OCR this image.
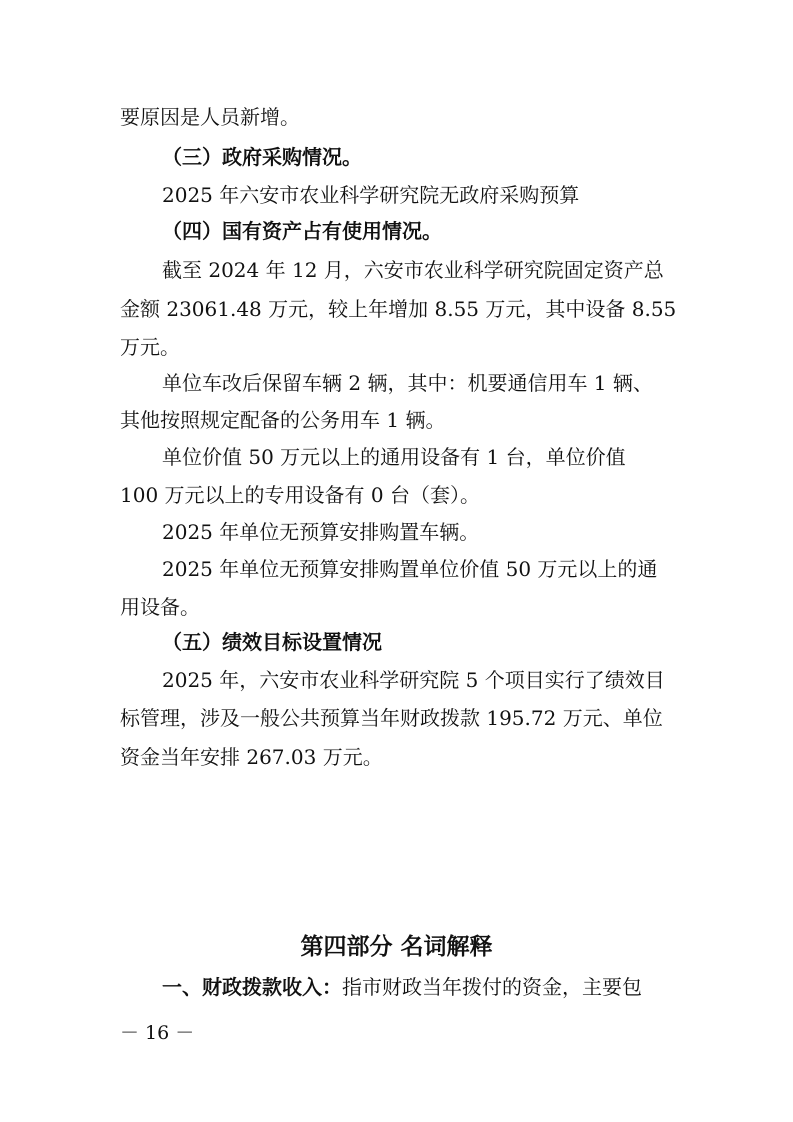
要原因是人员新增。
（三）政府采购情况。
2025 年六安市农业科学研究院无政府采购预算
（四）国有资产占有使用情况。
截至 2024 年 12 月，六安市农业科学研究院固定资产总
金额 23061.48 万元，较上年增加 8.55 万元，其中设备 8.55
万元。
单位车改后保留车辆 2 辆，其中：机要通信用车 1 辆、
其他按照规定配备的公务用车 1 辆。
单位价值 50 万元以上的通用设备有 1 台，单位价值
100 万元以上的专用设备有 0 台（套）。
2025 年单位无预算安排购置车辆。
2025 年单位无预算安排购置单位价值 50 万元以上的通
用设备。
（五）绩效目标设置情况
2025 年，六安市农业科学研究院 5 个项目实行了绩效目
标管理，涉及一般公共预算当年财政拨款 195.72 万元、单位
资金当年安排 267.03 万元。
第四部分 名词解释
一、财政拨款收入：指市财政当年拨付的资金，主要包
－ 16 －
